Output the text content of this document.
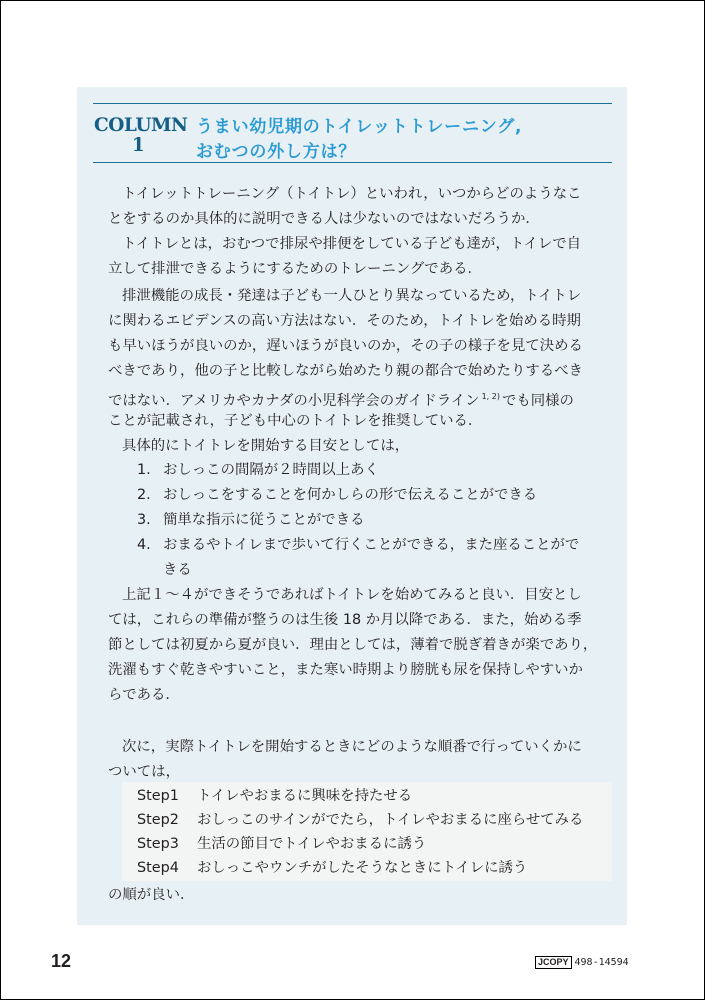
COLUMN
1
うまい幼児期のトイレットトレーニング,
おむつの外し方は？
トイレットトレーニング（トイトレ）といわれ，いつからどのようなこ
とをするのか具体的に説明できる人は少ないのではないだろうか．
トイトレとは，おむつで排尿や排便をしている子ども達が，トイレで自
立して排泄できるようにするためのトレーニングである．
排泄機能の成長・発達は子ども一人ひとり異なっているため，トイトレ
に関わるエビデンスの高い方法はない．そのため，トイトレを始める時期
も早いほうが良いのか，遅いほうが良いのか，その子の様子を見て決める
べきであり，他の子と比較しながら始めたり親の都合で始めたりするべき
ではない．アメリカやカナダの小児科学会のガイドライン $^{1, 2)}$ でも同様の
ことが記載され，子ども中心のトイトレを推奨している．
具体的にトイトレを開始する目安としては，
1. おしっこの間隔が２時間以上あく
2. おしっこをすることを何かしらの形で伝えることができる
3. 簡単な指示に従うことができる
4. おまるやトイレまで歩いて行くことができる，また座ることがで
きる
上記１～４ができそうであればトイトレを始めてみると良い．目安とし
ては，これらの準備が整うのは生後 18 か月以降である．また，始める季
節としては初夏から夏が良い．理由としては，薄着で脱ぎ着きが楽であり，
洗濯もすぐ乾きやすいこと，また寒い時期より膀胱も尿を保持しやすいか
らである．
次に，実際トイトレを開始するときにどのような順番で行っていくかに
ついては，
Step1 トイレやおまるに興味を持たせる
Step2 おしっこのサインがでたら，トイレやおまるに座らせてみる
Step3 生活の節目でトイレやおまるに誘う
Step4 おしっこやウンチがしたそうなときにトイレに誘う
の順が良い．
12	JCOPY 498-14594
